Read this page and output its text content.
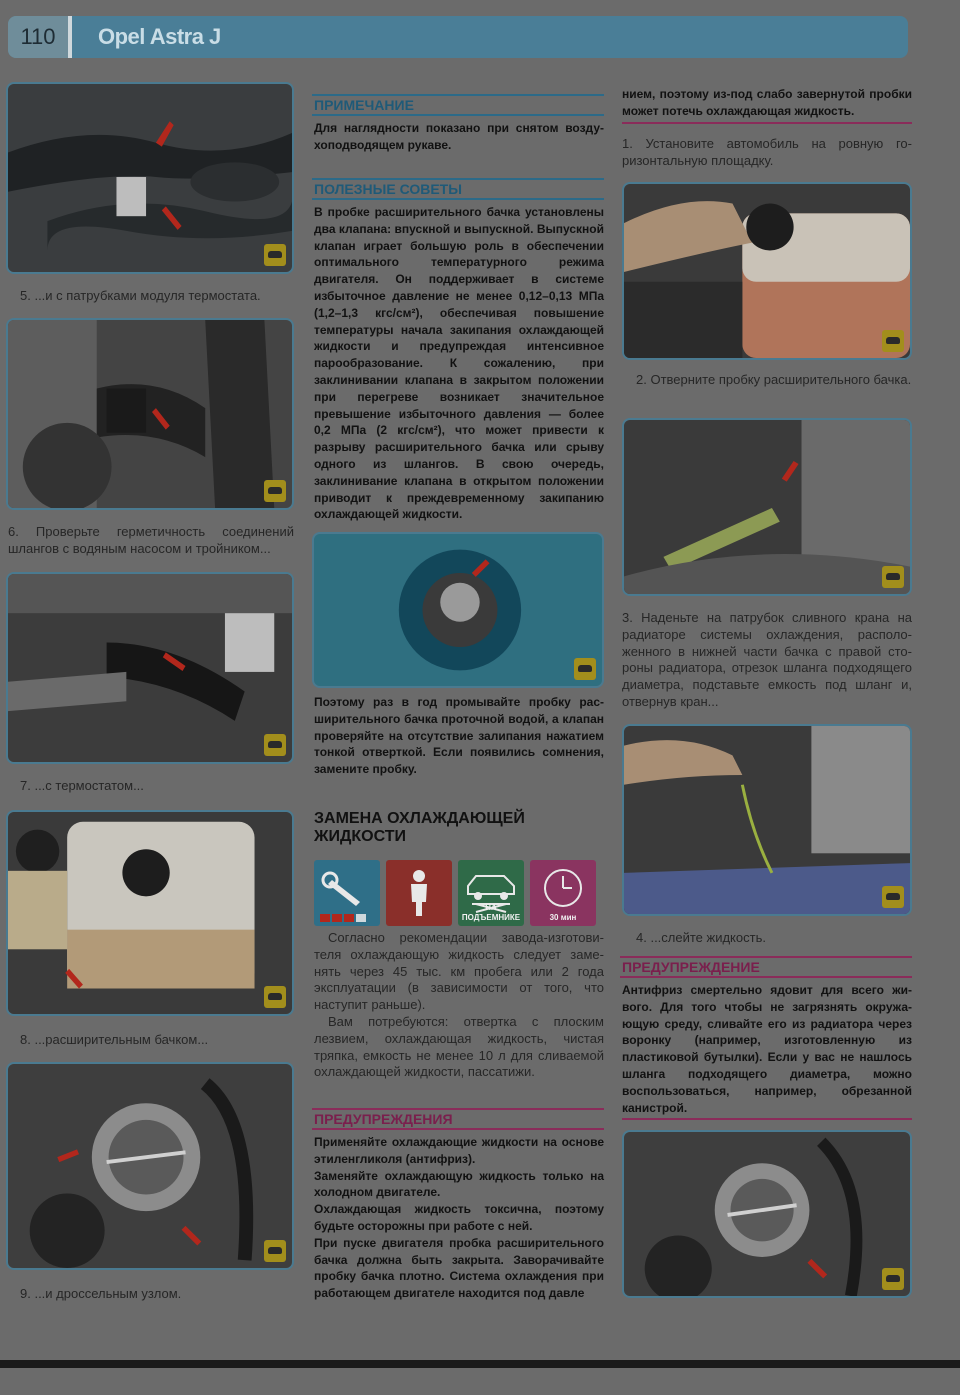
110	Opel Astra J
5. ...и с патрубками модуля термостата.
6. Проверьте герметичность соединений шлангов с водяным насосом и тройником...
7. ...с термостатом...
8. ...расширительным бачком...
9. ...и дроссельным узлом.
ПРИМЕЧАНИЕ
Для наглядности показано при снятом воздухоподводящем рукаве.
ПОЛЕЗНЫЕ СОВЕТЫ
В пробке расширительного бачка установлены два клапана: впускной и выпускной. Выпускной клапан играет большую роль в обеспечении оптимального температурного режима двигателя. Он поддерживает в системе избыточное давление не менее 0,12–0,13 МПа (1,2–1,3 кгс/см²), обеспечивая повышение температуры начала закипания охлаждающей жидкости и предупреждая интенсивное парообразование. К сожалению, при заклинивании клапана в закрытом положении при перегреве возникает значительное превышение избыточного давления — более 0,2 МПа (2 кгс/см²), что может привести к разрыву расширительного бачка или срыву одного из шлангов. В свою очередь, заклинивание клапана в открытом положении приводит к преждевременному закипанию охлаждающей жидкости.
Поэтому раз в год промывайте пробку расширительного бачка проточной водой, а клапан проверяйте на отсутствие залипания нажатием тонкой отверткой. Если появились сомнения, замените пробку.
ЗАМЕНА ОХЛАЖДАЮЩЕЙ
ЖИДКОСТИ
НА ПОДЪЕМНИКЕ	30 мин

Согласно рекомендации завода-изготовителя охлаждающую жидкость следует заменять через 45 тыс. км пробега или 2 года эксплуатации (в зависимости от того, что наступит раньше).

Вам потребуются: отвертка с плоским лезвием, охлаждающая жидкость, чистая тряпка, емкость не менее 10 л для сливаемой охлаждающей жидкости, пассатижи.

ПРЕДУПРЕЖДЕНИЯ

Применяйте охлаждающие жидкости на основе этиленгликоля (антифриз).

Заменяйте охлаждающую жидкость только на холодном двигателе.

Охлаждающая жидкость токсична, поэтому будьте осторожны при работе с ней.

При пуске двигателя пробка расширительного бачка должна быть закрыта. Заворачивайте пробку бачка плотно. Система охлаждения при работающем двигателе находится под давле

нием, поэтому из-под слабо завернутой пробки может потечь охлаждающая жидкость.
1. Установите автомобиль на ровную горизонтальную площадку.
2. Отверните пробку расширительного бачка.
3. Наденьте на патрубок сливного крана на радиаторе системы охлаждения, расположенного в нижней части бачка с правой стороны радиатора, отрезок шланга подходящего диаметра, подставьте емкость под шланг и, отвернув кран...
4. ...слейте жидкость.
ПРЕДУПРЕЖДЕНИЕ
Антифриз смертельно ядовит для всего живого. Для того чтобы не загрязнять окружающую среду, сливайте его из радиатора через воронку (например, изготовленную из пластиковой бутылки). Если у вас не нашлось шланга подходящего диаметра, можно воспользоваться, например, обрезанной канистрой.
